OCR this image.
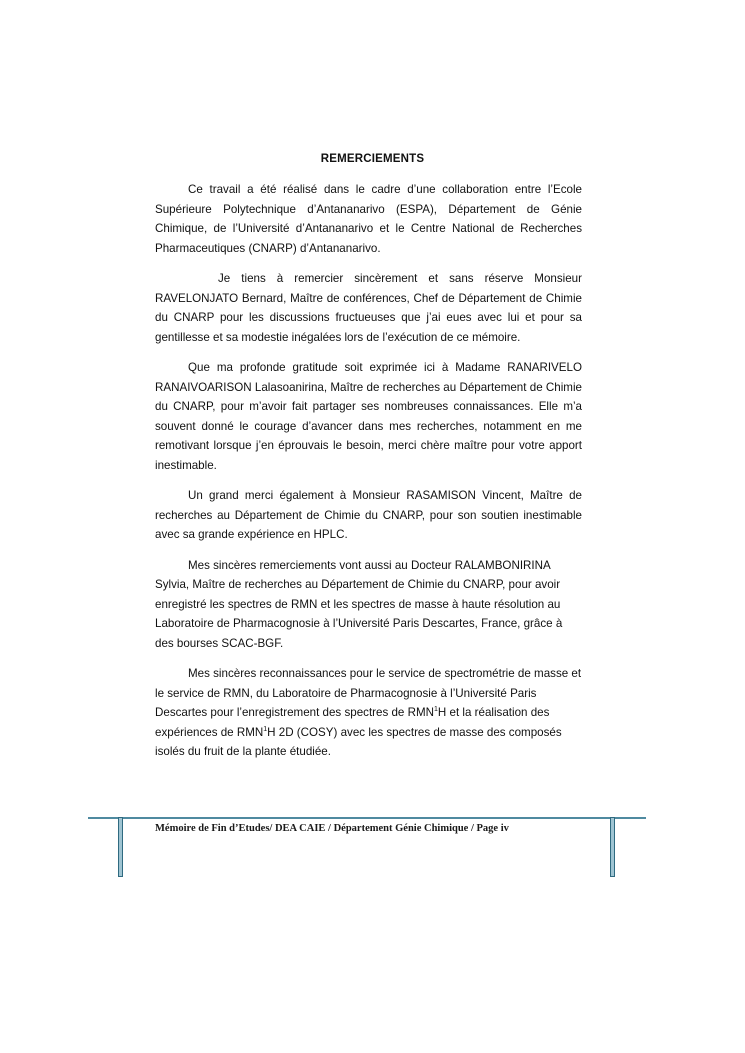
REMERCIEMENTS

Ce travail a été réalisé dans le cadre d’une collaboration entre l’Ecole Supérieure Polytechnique d’Antananarivo (ESPA), Département de Génie Chimique, de l’Université d’Antananarivo et le Centre National de Recherches Pharmaceutiques (CNARP) d’Antananarivo.

Je tiens à remercier sincèrement et sans réserve Monsieur RAVELONJATO Bernard, Maître de conférences, Chef de Département de Chimie du CNARP pour les discussions fructueuses que j’ai eues avec lui et pour sa gentillesse et sa modestie inégalées lors de l’exécution de ce mémoire.

Que ma profonde gratitude soit exprimée ici à Madame RANARIVELO RANAIVOARISON Lalasoanirina, Maître de recherches au Département de Chimie du CNARP, pour m’avoir fait partager ses nombreuses connaissances. Elle m’a souvent donné le courage d’avancer dans mes recherches, notamment en me remotivant lorsque j’en éprouvais le besoin, merci chère maître pour votre apport inestimable.

Un grand merci également à Monsieur RASAMISON Vincent, Maître de recherches au Département de Chimie du CNARP, pour son soutien inestimable avec sa grande expérience en HPLC.

Mes sincères remerciements vont aussi au Docteur RALAMBONIRINA Sylvia, Maître de recherches au Département de Chimie du CNARP, pour avoir enregistré les spectres de RMN et les spectres de masse à haute résolution au Laboratoire de Pharmacognosie à l’Université Paris Descartes, France, grâce à des bourses SCAC-BGF.

Mes sincères reconnaissances pour le service de spectrométrie de masse et le service de RMN, du Laboratoire de Pharmacognosie à l’Université Paris Descartes pour l’enregistrement des spectres de RMN$^1$H et la réalisation des expériences de RMN$^1$H 2D (COSY) avec les spectres de masse des composés isolés du fruit de la plante étudiée.

Mémoire de Fin d’Etudes/ DEA CAIE / Département Génie Chimique / Page iv
